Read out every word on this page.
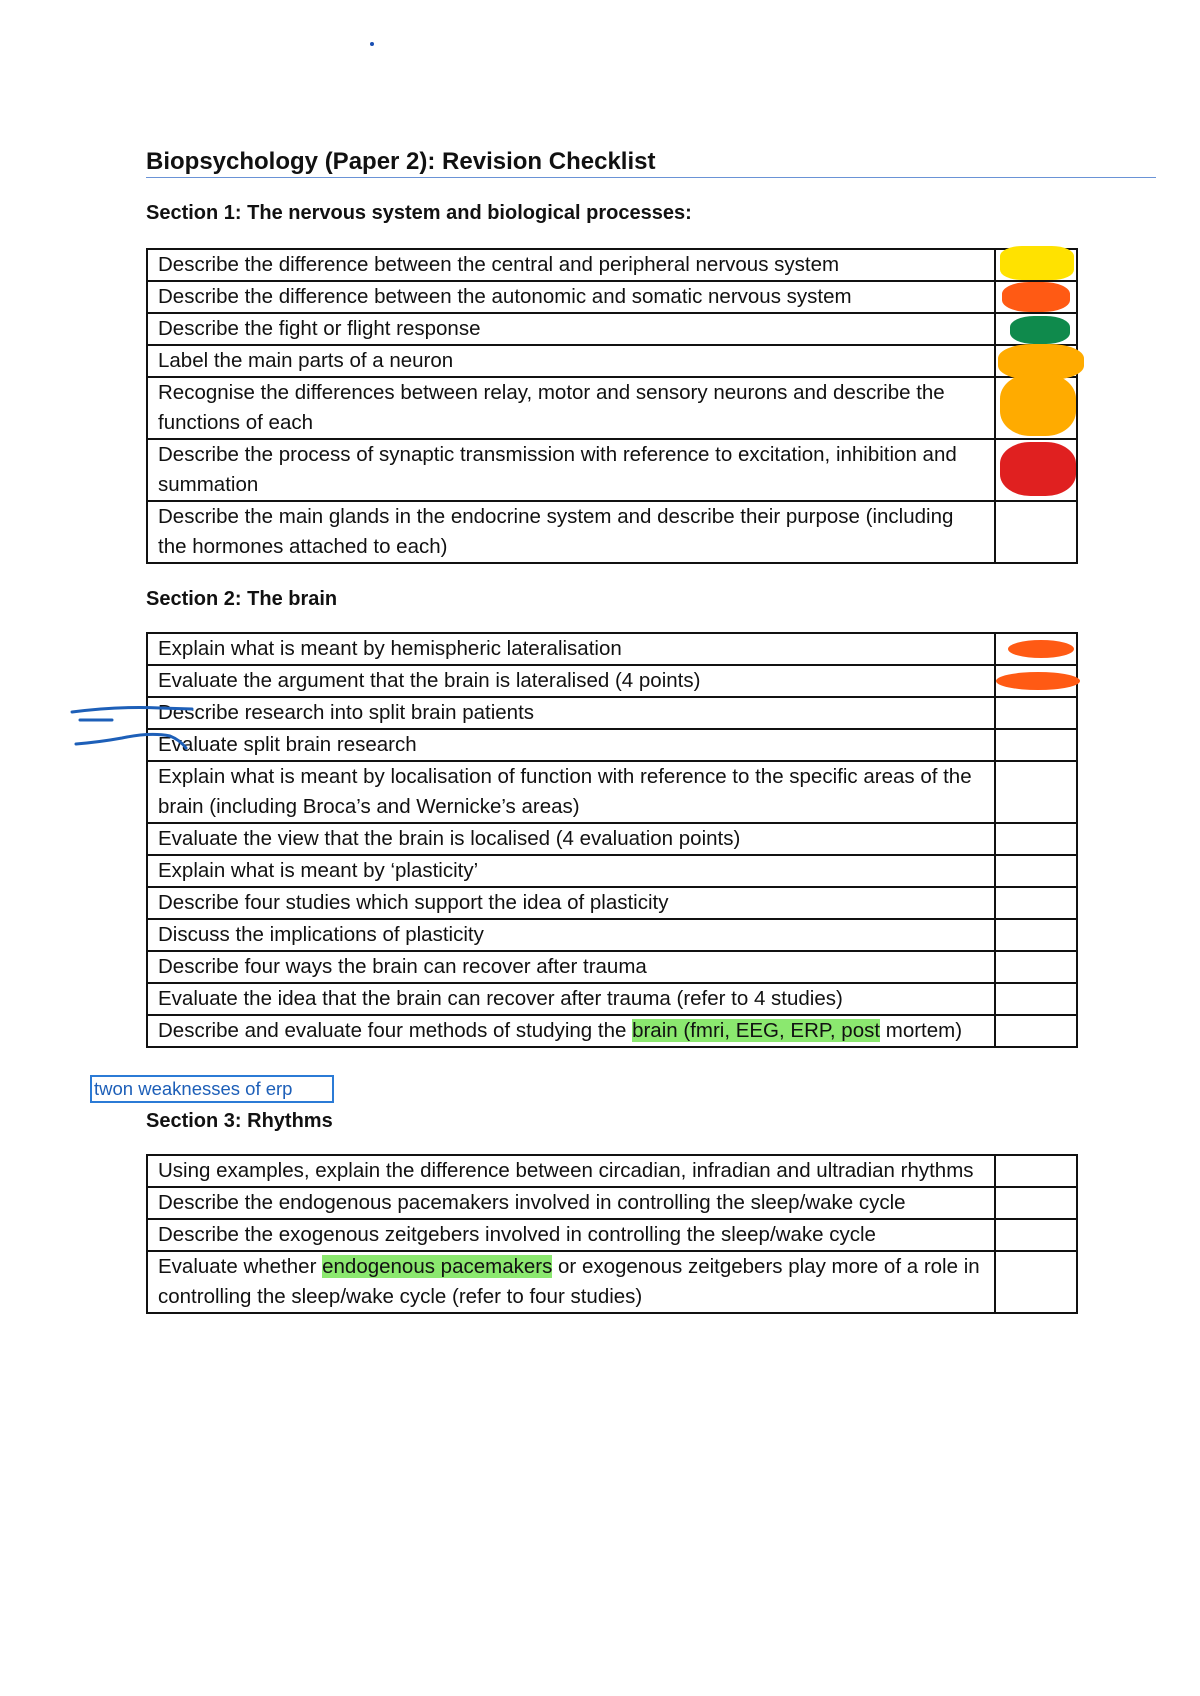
Biopsychology (Paper 2): Revision Checklist
Section 1: The nervous system and biological processes:
Describe the difference between the central and peripheral nervous system	

Describe the difference between the autonomic and somatic nervous system	

Describe the fight or flight response	

Label the main parts of a neuron	

Recognise the differences between relay, motor and sensory neurons and describe the functions of each	

Describe the process of synaptic transmission with reference to excitation, inhibition and summation	

Describe the main glands in the endocrine system and describe their purpose (including the hormones attached to each)	
Section 2: The brain
Explain what is meant by hemispheric lateralisation	

Evaluate the argument that the brain is lateralised (4 points)	

Describe research into split brain patients	
Evaluate split brain research	
Explain what is meant by localisation of function with reference to the specific areas of the brain (including Broca’s and Wernicke’s areas)	
Evaluate the view that the brain is localised (4 evaluation points)	
Explain what is meant by ‘plasticity’	
Describe four studies which support the idea of plasticity	
Discuss the implications of plasticity	
Describe four ways the brain can recover after trauma	
Evaluate the idea that the brain can recover after trauma (refer to 4 studies)	
Describe and evaluate four methods of studying the brain (fmri, EEG, ERP, post mortem)	
twon weaknesses of erp
Section 3: Rhythms
Using examples, explain the difference between circadian, infradian and ultradian rhythms	
Describe the endogenous pacemakers involved in controlling the sleep/wake cycle	
Describe the exogenous zeitgebers involved in controlling the sleep/wake cycle	
Evaluate whether endogenous pacemakers or exogenous zeitgebers play more of a role in controlling the sleep/wake cycle (refer to four studies)	
